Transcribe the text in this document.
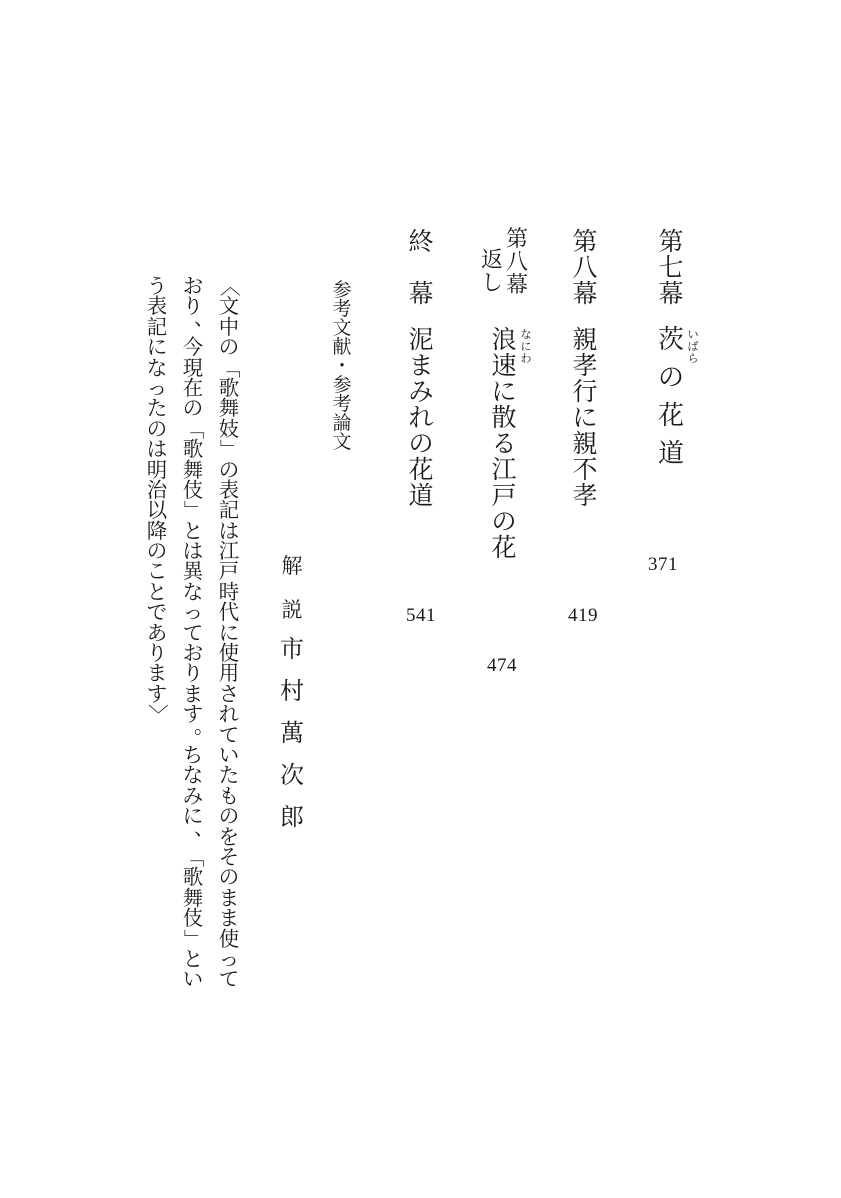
第
七
幕
茨
の
花
道
い
ば
ら
371
第
八
幕
親
孝
行
に
親
不
孝
419
第
八
幕
返
し
浪
速
に
散
る
江
戸
の
花
な
に
わ
474
終

幕
泥
ま
み
れ
の
花
道
541
参
考
文
献
・
参
考
論
文
解

説
市
村
萬
次
郎
〈
文
中
の
「
歌
舞
妓
」
の
表
記
は
江
戸
時
代
に
使
用
さ
れ
て
い
た
も
の
を
そ
の
ま
ま
使
っ
て
お
り
、
今
現
在
の
「
歌
舞
伎
」
と
は
異
な
っ
て
お
り
ま
す
。
ち
な
み
に
、
「
歌
舞
伎
」
と
い
う
表
記
に
な
っ
た
の
は
明
治
以
降
の
こ
と
で
あ
り
ま
す
〉
